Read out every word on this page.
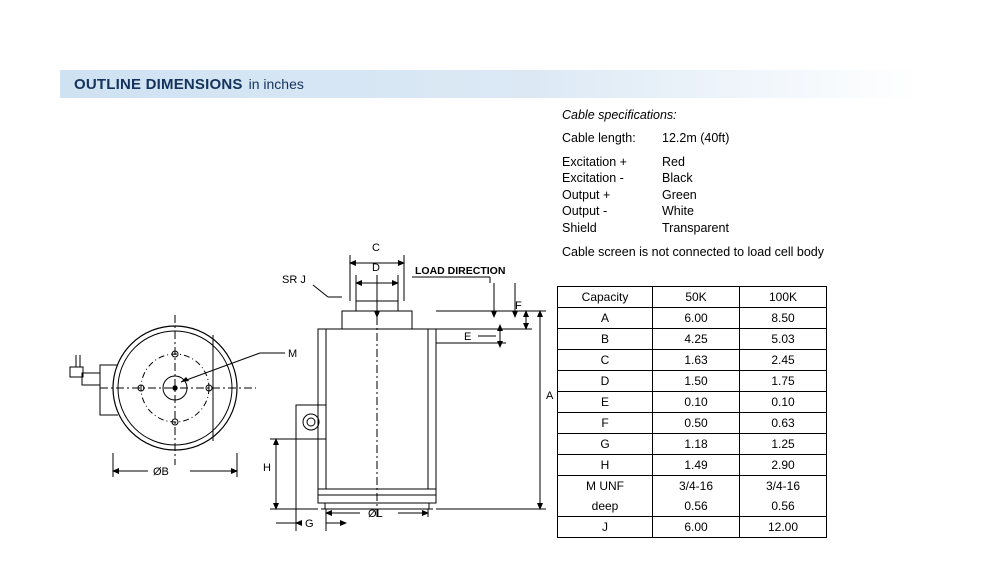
OUTLINE DIMENSIONS in inches
Cable specifications:
Cable length:	12.2m (40ft)
Excitation +	Red
Excitation -	Black
Output +	Green
Output -	White
Shield	Transparent
Cable screen is not connected to load cell body
Capacity	50K	100K
A	6.00	8.50
B	4.25	5.03
C	1.63	2.45
D	1.50	1.75
E	0.10	0.10
F	0.50	0.63
G	1.18	1.25
H	1.49	2.90
M UNF	3/4-16	3/4-16
deep	0.56	0.56
J	6.00	12.00
C
D	LOAD DIRECTION
F
E
A
H
G
ØL
ØB
M
SR J
